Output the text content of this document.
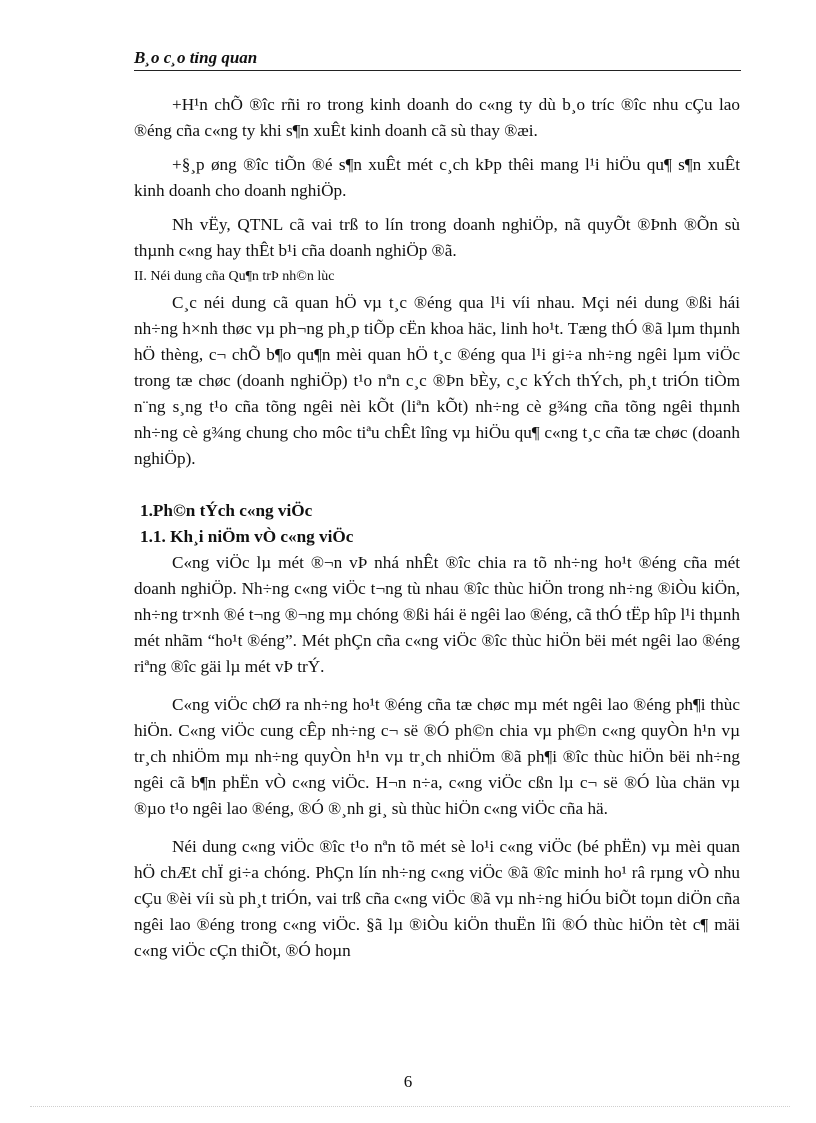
B¸o c¸o tỉng quan

+H¹n chÕ ®îc rñi ro trong kinh doanh do c«ng ty dù b¸o tríc ®îc nhu cÇu lao ®éng cña c«ng ty khi s¶n xuÊt kinh doanh cã sù thay ®æi.

+§¸p øng ®îc tiÕn ®é s¶n xuÊt mét c¸ch kÞp thêi mang l¹i hiÖu qu¶ s¶n xuÊt kinh doanh cho doanh nghiÖp.

Nh vËy, QTNL cã vai trß to lín trong doanh nghiÖp, nã quyÕt ®Þnh ®Õn sù thµnh c«ng hay thÊt b¹i cña doanh nghiÖp ®ã.

II. Néi dung cña Qu¶n trÞ nh©n lùc

C¸c néi dung cã quan hÖ vµ t¸c ®éng qua l¹i víi nhau. Mçi néi dung ®ßi hái nh÷ng h×nh thøc vµ ph¬ng ph¸p tiÕp cËn khoa häc, linh ho¹t. Tæng thÓ ®ã lµm thµnh hÖ thèng, c¬ chÕ b¶o qu¶n mèi quan hÖ t¸c ®éng qua l¹i gi÷a nh÷ng ngêi lµm viÖc trong tæ chøc (doanh nghiÖp) t¹o nªn c¸c ®Þn bÈy, c¸c kÝch thÝch, ph¸t triÓn tiÒm n¨ng s¸ng t¹o cña tõng ngêi nèi kÕt (liªn kÕt) nh÷ng cè g¾ng cña tõng ngêi thµnh nh÷ng cè g¾ng chung cho môc tiªu chÊt lîng vµ hiÖu qu¶ c«ng t¸c cña tæ chøc (doanh nghiÖp).

1.Ph©n tÝch c«ng viÖc
1.1. Kh¸i niÖm vÒ c«ng viÖc

C«ng viÖc lµ mét ®¬n vÞ nhá nhÊt ®îc chia ra tõ nh÷ng ho¹t ®éng cña mét doanh nghiÖp. Nh÷ng c«ng viÖc t¬ng tù nhau ®îc thùc hiÖn trong nh÷ng ®iÒu kiÖn, nh÷ng tr×nh ®é t¬ng ®¬ng mµ chóng ®ßi hái ë ngêi lao ®éng, cã thÓ tËp hîp l¹i thµnh mét nhãm “ho¹t ®éng”. Mét phÇn cña c«ng viÖc ®îc thùc hiÖn bëi mét ngêi lao ®éng riªng ®îc gäi lµ mét vÞ trÝ.

C«ng viÖc chØ ra nh÷ng ho¹t ®éng cña tæ chøc mµ mét ngêi lao ®éng ph¶i thùc hiÖn. C«ng viÖc cung cÊp nh÷ng c¬ së ®Ó ph©n chia vµ ph©n c«ng quyÒn h¹n vµ tr¸ch nhiÖm mµ nh÷ng quyÒn h¹n vµ tr¸ch nhiÖm ®ã ph¶i ®îc thùc hiÖn bëi nh÷ng ngêi cã b¶n phËn vÒ c«ng viÖc. H¬n n÷a, c«ng viÖc cßn lµ c¬ së ®Ó lùa chän vµ ®µo t¹o ngêi lao ®éng, ®Ó ®¸nh gi¸ sù thùc hiÖn c«ng viÖc cña hä.

Néi dung c«ng viÖc ®îc t¹o nªn tõ mét sè lo¹i c«ng viÖc (bé phËn) vµ mèi quan hÖ chÆt chÏ gi÷a chóng. PhÇn lín nh÷ng c«ng viÖc ®ã ®îc minh ho¹ râ rµng vÒ nhu cÇu ®èi víi sù ph¸t triÓn, vai trß cña c«ng viÖc ®ã vµ nh÷ng hiÓu biÕt toµn diÖn cña ngêi lao ®éng trong c«ng viÖc. §ã lµ ®iÒu kiÖn thuËn lîi ®Ó thùc hiÖn tèt c¶ mäi c«ng viÖc cÇn thiÕt, ®Ó hoµn

6
